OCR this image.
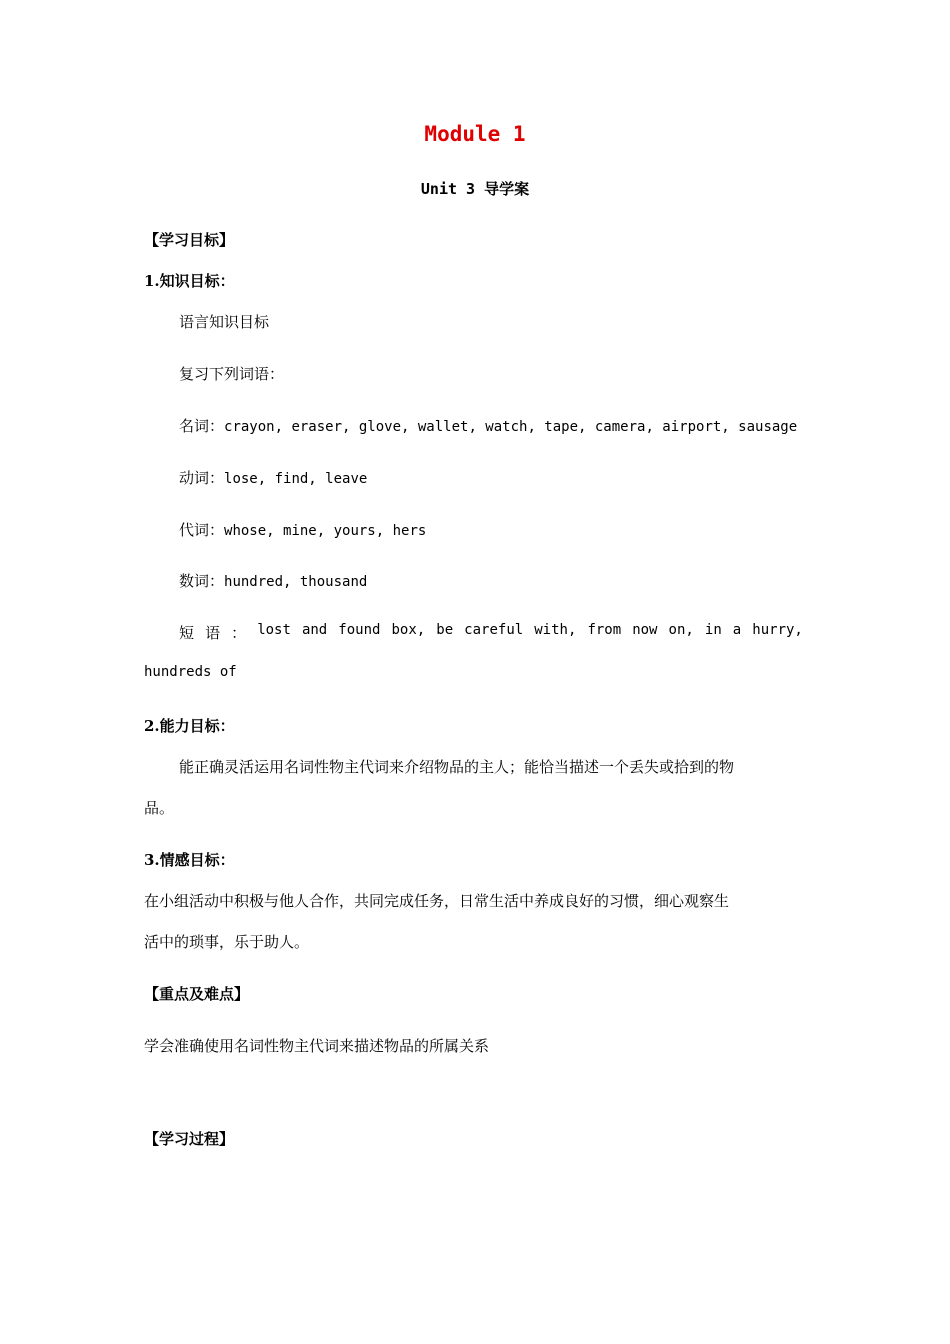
Module 1
Unit 3 导学案
【学习目标】
1.知识目标：
语言知识目标
复习下列词语：
名词：crayon, eraser, glove, wallet, watch, tape, camera, airport, sausage
动词：lose, find, leave
代词：whose, mine, yours, hers
数词：hundred, thousand
短 语 ： lost and found box, be careful with, from now on, in a hurry,
hundreds of
2.能力目标：
能正确灵活运用名词性物主代词来介绍物品的主人；能恰当描述一个丢失或拾到的物
品。
3.情感目标：
在小组活动中积极与他人合作，共同完成任务，日常生活中养成良好的习惯，细心观察生
活中的琐事，乐于助人。
【重点及难点】
学会准确使用名词性物主代词来描述物品的所属关系
【学习过程】
